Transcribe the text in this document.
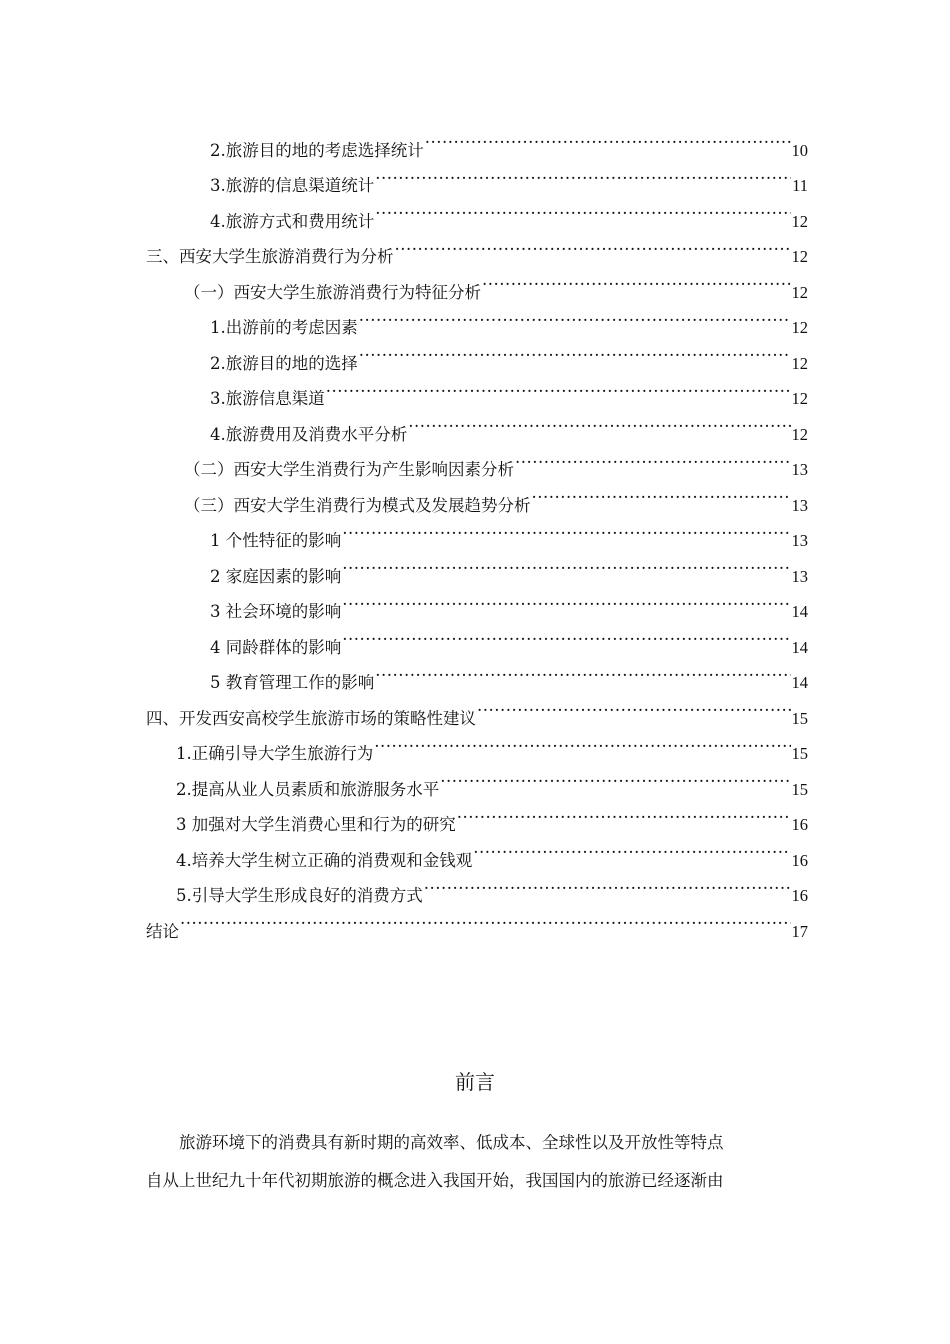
2.旅游目的地的考虑选择统计 .....	10
3.旅游的信息渠道统计 .....	11
4.旅游方式和费用统计 .....	12
三、西安大学生旅游消费行为分析 .....	12
（一）西安大学生旅游消费行为特征分析 .....	12
1.出游前的考虑因素 .....	12
2.旅游目的地的选择 .....	12
3.旅游信息渠道 .....	12
4.旅游费用及消费水平分析 .....	12
（二）西安大学生消费行为产生影响因素分析 .....	13
（三）西安大学生消费行为模式及发展趋势分析 .....	13
1 个性特征的影响 .....	13
2 家庭因素的影响 .....	13
3 社会环境的影响 .....	14
4 同龄群体的影响 .....	14
5 教育管理工作的影响 .....	14
四、开发西安高校学生旅游市场的策略性建议 .....	15
1.正确引导大学生旅游行为 .....	15
2.提高从业人员素质和旅游服务水平 .....	15
3 加强对大学生消费心里和行为的研究 .....	16
4.培养大学生树立正确的消费观和金钱观 .....	16
5.引导大学生形成良好的消费方式 .....	16
结论 .....	17
前言
旅游环境下的消费具有新时期的高效率、低成本、全球性以及开放性等特点
自从上世纪九十年代初期旅游的概念进入我国开始，我国国内的旅游已经逐渐由
